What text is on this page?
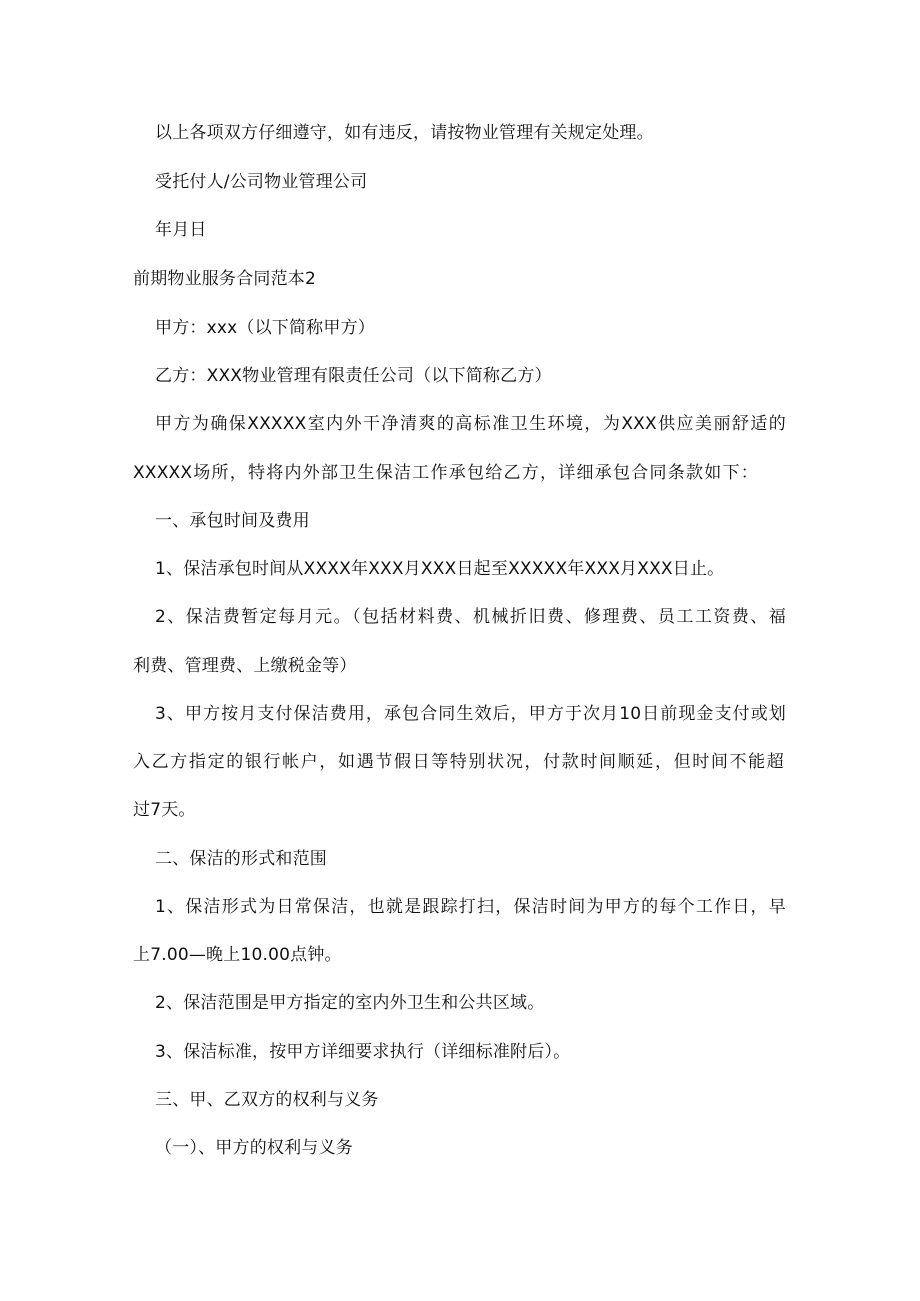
以上各项双方仔细遵守，如有违反，请按物业管理有关规定处理。
受托付人/公司物业管理公司
年月日
前期物业服务合同范本2
甲方：xxx（以下简称甲方）
乙方：XXX物业管理有限责任公司（以下简称乙方）
甲方为确保XXXXX室内外干净清爽的高标准卫生环境，为XXX供应美丽舒适的
XXXXX场所，特将内外部卫生保洁工作承包给乙方，详细承包合同条款如下：
一、承包时间及费用
1、保洁承包时间从XXXX年XXX月XXX日起至XXXXX年XXX月XXX日止。
2、保洁费暂定每月元。（包括材料费、机械折旧费、修理费、员工工资费、福
利费、管理费、上缴税金等）
3、甲方按月支付保洁费用，承包合同生效后，甲方于次月10日前现金支付或划
入乙方指定的银行帐户，如遇节假日等特别状况，付款时间顺延，但时间不能超
过7天。
二、保洁的形式和范围
1、保洁形式为日常保洁，也就是跟踪打扫，保洁时间为甲方的每个工作日，早
上7.00—晚上10.00点钟。
2、保洁范围是甲方指定的室内外卫生和公共区域。
3、保洁标准，按甲方详细要求执行（详细标准附后）。
三、甲、乙双方的权利与义务
（一）、甲方的权利与义务
